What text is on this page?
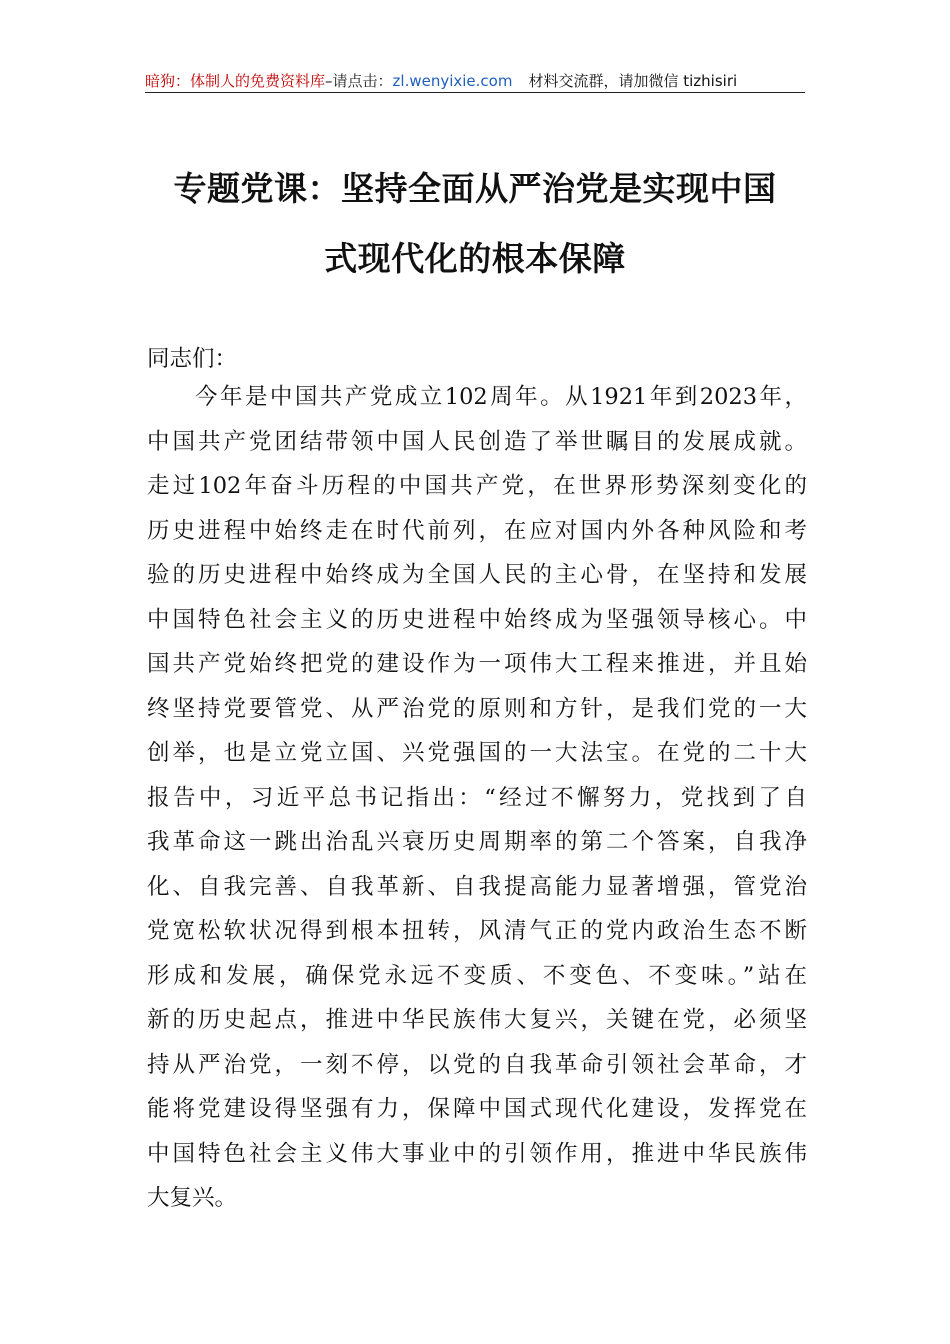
暗狗：体制人的免费资料库 –请点击： zl.wenyixie.com 材料交流群，请加微信 tizhisiri
专题党课：坚持全面从严治党是实现中国
式现代化的根本保障
同志们：
今年是中国共产党成立102周年。从1921年到2023年，
中国共产党团结带领中国人民创造了举世瞩目的发展成就。
走过102年奋斗历程的中国共产党，在世界形势深刻变化的
历史进程中始终走在时代前列，在应对国内外各种风险和考
验的历史进程中始终成为全国人民的主心骨，在坚持和发展
中国特色社会主义的历史进程中始终成为坚强领导核心。中
国共产党始终把党的建设作为一项伟大工程来推进，并且始
终坚持党要管党、从严治党的原则和方针，是我们党的一大
创举，也是立党立国、兴党强国的一大法宝。在党的二十大
报告中，习近平总书记指出：“经过不懈努力，党找到了自
我革命这一跳出治乱兴衰历史周期率的第二个答案，自我净
化、自我完善、自我革新、自我提高能力显著增强，管党治
党宽松软状况得到根本扭转，风清气正的党内政治生态不断
形成和发展，确保党永远不变质、不变色、不变味。”站在
新的历史起点，推进中华民族伟大复兴，关键在党，必须坚
持从严治党，一刻不停，以党的自我革命引领社会革命，才
能将党建设得坚强有力，保障中国式现代化建设，发挥党在
中国特色社会主义伟大事业中的引领作用，推进中华民族伟
大复兴。
